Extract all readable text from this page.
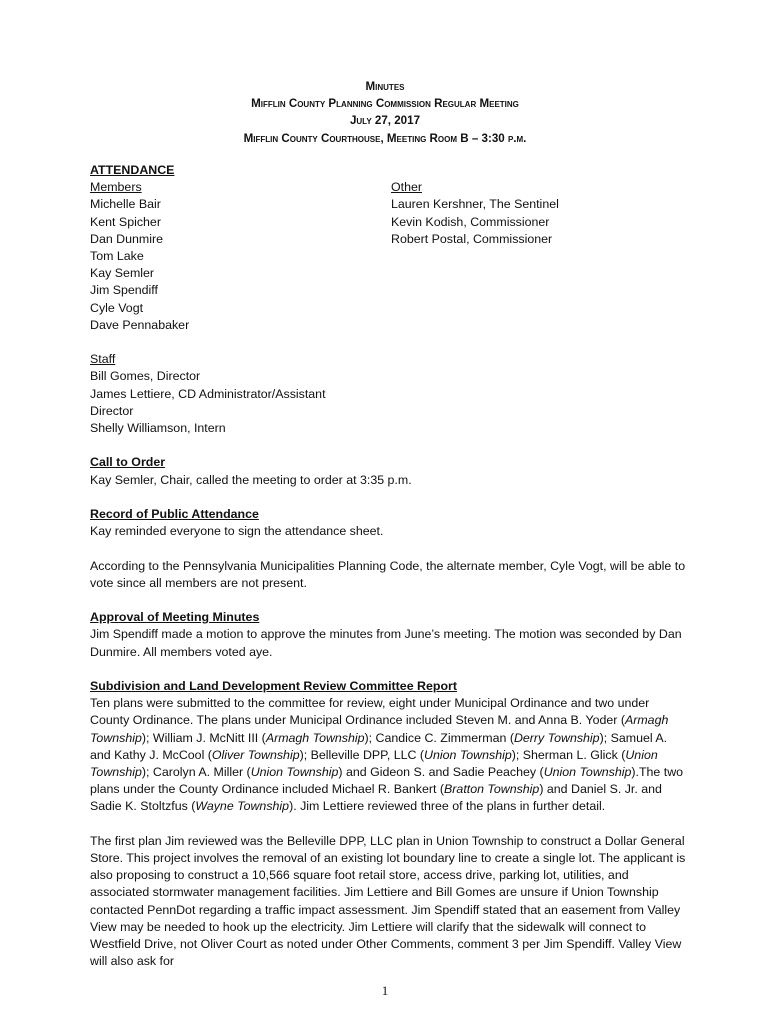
Minutes
Mifflin County Planning Commission Regular Meeting
July 27, 2017
Mifflin County Courthouse, Meeting Room B – 3:30 p.m.
ATTENDANCE
Members
Michelle Bair
Kent Spicher
Dan Dunmire
Tom Lake
Kay Semler
Jim Spendiff
Cyle Vogt
Dave Pennabaker
Other
Lauren Kershner, The Sentinel
Kevin Kodish, Commissioner
Robert Postal, Commissioner
Staff
Bill Gomes, Director
James Lettiere, CD Administrator/Assistant
Director
Shelly Williamson, Intern
Call to Order

Kay Semler, Chair, called the meeting to order at 3:35 p.m.

Record of Public Attendance

Kay reminded everyone to sign the attendance sheet.

According to the Pennsylvania Municipalities Planning Code, the alternate member, Cyle Vogt, will be able to vote since all members are not present.

Approval of Meeting Minutes

Jim Spendiff made a motion to approve the minutes from June’s meeting. The motion was seconded by Dan Dunmire. All members voted aye.

Subdivision and Land Development Review Committee Report

Ten plans were submitted to the committee for review, eight under Municipal Ordinance and two under County Ordinance. The plans under Municipal Ordinance included Steven M. and Anna B. Yoder (Armagh Township); William J. McNitt III (Armagh Township); Candice C. Zimmerman (Derry Township); Samuel A. and Kathy J. McCool (Oliver Township); Belleville DPP, LLC (Union Township); Sherman L. Glick (Union Township); Carolyn A. Miller (Union Township) and Gideon S. and Sadie Peachey (Union Township).The two plans under the County Ordinance included Michael R. Bankert (Bratton Township) and Daniel S. Jr. and Sadie K. Stoltzfus (Wayne Township). Jim Lettiere reviewed three of the plans in further detail.

The first plan Jim reviewed was the Belleville DPP, LLC plan in Union Township to construct a Dollar General Store. This project involves the removal of an existing lot boundary line to create a single lot. The applicant is also proposing to construct a 10,566 square foot retail store, access drive, parking lot, utilities, and associated stormwater management facilities. Jim Lettiere and Bill Gomes are unsure if Union Township contacted PennDot regarding a traffic impact assessment. Jim Spendiff stated that an easement from Valley View may be needed to hook up the electricity. Jim Lettiere will clarify that the sidewalk will connect to Westfield Drive, not Oliver Court as noted under Other Comments, comment 3 per Jim Spendiff. Valley View will also ask for

1
